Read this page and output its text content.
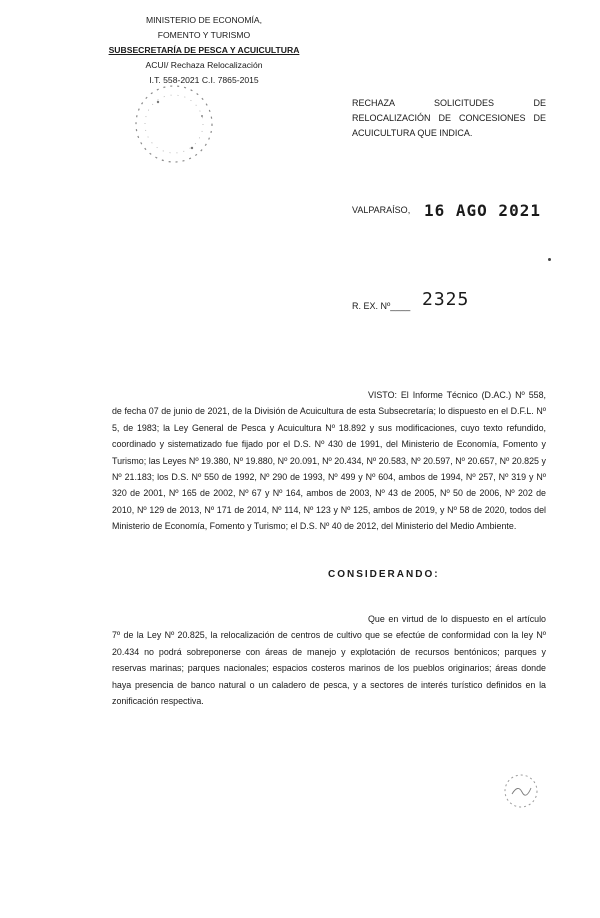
MINISTERIO DE ECONOMÍA,
FOMENTO Y TURISMO
SUBSECRETARÍA DE PESCA Y ACUICULTURA
ACUI/ Rechaza Relocalización
I.T. 558-2021 C.I. 7865-2015
RECHAZA SOLICITUDES DE RELOCALIZACIÓN DE CONCESIONES DE ACUICULTURA QUE INDICA.
VALPARAÍSO, 16 AGO 2021
R. EX. Nº____ 2325
VISTO: El Informe Técnico (D.AC.) Nº 558, de fecha 07 de junio de 2021, de la División de Acuicultura de esta Subsecretaría; lo dispuesto en el D.F.L. Nº 5, de 1983; la Ley General de Pesca y Acuicultura Nº 18.892 y sus modificaciones, cuyo texto refundido, coordinado y sistematizado fue fijado por el D.S. Nº 430 de 1991, del Ministerio de Economía, Fomento y Turismo; las Leyes Nº 19.380, Nº 19.880, Nº 20.091, Nº 20.434, Nº 20.583, Nº 20.597, Nº 20.657, Nº 20.825 y Nº 21.183; los D.S. Nº 550 de 1992, Nº 290 de 1993, Nº 499 y Nº 604, ambos de 1994, Nº 257, Nº 319 y Nº 320 de 2001, Nº 165 de 2002, Nº 67 y Nº 164, ambos de 2003, Nº 43 de 2005, Nº 50 de 2006, Nº 202 de 2010, Nº 129 de 2013, Nº 171 de 2014, Nº 114, Nº 123 y Nº 125, ambos de 2019, y Nº 58 de 2020, todos del Ministerio de Economía, Fomento y Turismo; el D.S. Nº 40 de 2012, del Ministerio del Medio Ambiente.
CONSIDERANDO:
Que en virtud de lo dispuesto en el artículo 7º de la Ley Nº 20.825, la relocalización de centros de cultivo que se efectúe de conformidad con la ley Nº 20.434 no podrá sobreponerse con áreas de manejo y explotación de recursos bentónicos; parques y reservas marinas; parques nacionales; espacios costeros marinos de los pueblos originarios; áreas donde haya presencia de banco natural o un caladero de pesca, y a sectores de interés turístico definidos en la zonificación respectiva.
